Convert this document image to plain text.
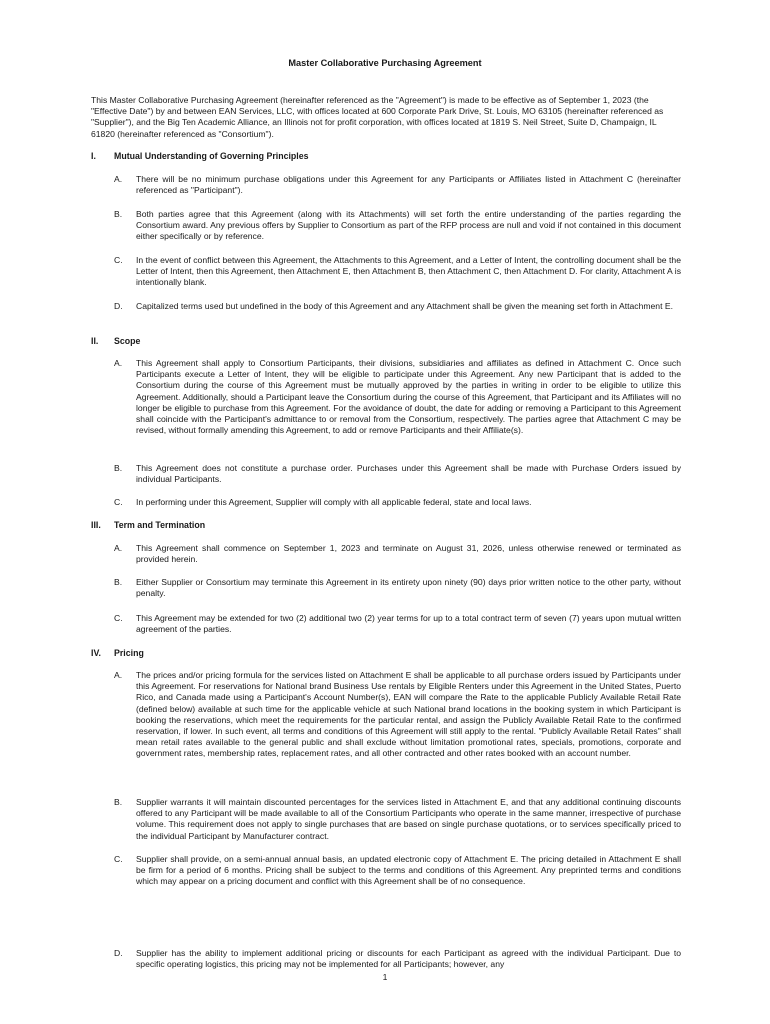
Master Collaborative Purchasing Agreement
This Master Collaborative Purchasing Agreement (hereinafter referenced as the "Agreement") is made to be effective as of September 1, 2023 (the "Effective Date") by and between EAN Services, LLC, with offices located at 600 Corporate Park Drive, St. Louis, MO 63105 (hereinafter referenced as "Supplier"), and the Big Ten Academic Alliance, an Illinois not for profit corporation, with offices located at 1819 S. Neil Street, Suite D, Champaign, IL 61820 (hereinafter referenced as "Consortium").
I. Mutual Understanding of Governing Principles
A. There will be no minimum purchase obligations under this Agreement for any Participants or Affiliates listed in Attachment C (hereinafter referenced as "Participant").
B. Both parties agree that this Agreement (along with its Attachments) will set forth the entire understanding of the parties regarding the Consortium award. Any previous offers by Supplier to Consortium as part of the RFP process are null and void if not contained in this document either specifically or by reference.
C. In the event of conflict between this Agreement, the Attachments to this Agreement, and a Letter of Intent, the controlling document shall be the Letter of Intent, then this Agreement, then Attachment E, then Attachment B, then Attachment C, then Attachment D. For clarity, Attachment A is intentionally blank.
D. Capitalized terms used but undefined in the body of this Agreement and any Attachment shall be given the meaning set forth in Attachment E.
II. Scope
A. This Agreement shall apply to Consortium Participants, their divisions, subsidiaries and affiliates as defined in Attachment C. Once such Participants execute a Letter of Intent, they will be eligible to participate under this Agreement. Any new Participant that is added to the Consortium during the course of this Agreement must be mutually approved by the parties in writing in order to be eligible to utilize this Agreement. Additionally, should a Participant leave the Consortium during the course of this Agreement, that Participant and its Affiliates will no longer be eligible to purchase from this Agreement. For the avoidance of doubt, the date for adding or removing a Participant to this Agreement shall coincide with the Participant's admittance to or removal from the Consortium, respectively. The parties agree that Attachment C may be revised, without formally amending this Agreement, to add or remove Participants and their Affiliate(s).
B. This Agreement does not constitute a purchase order. Purchases under this Agreement shall be made with Purchase Orders issued by individual Participants.
C. In performing under this Agreement, Supplier will comply with all applicable federal, state and local laws.
III. Term and Termination
A. This Agreement shall commence on September 1, 2023 and terminate on August 31, 2026, unless otherwise renewed or terminated as provided herein.
B. Either Supplier or Consortium may terminate this Agreement in its entirety upon ninety (90) days prior written notice to the other party, without penalty.
C. This Agreement may be extended for two (2) additional two (2) year terms for up to a total contract term of seven (7) years upon mutual written agreement of the parties.
IV. Pricing
A. The prices and/or pricing formula for the services listed on Attachment E shall be applicable to all purchase orders issued by Participants under this Agreement. For reservations for National brand Business Use rentals by Eligible Renters under this Agreement in the United States, Puerto Rico, and Canada made using a Participant's Account Number(s), EAN will compare the Rate to the applicable Publicly Available Retail Rate (defined below) available at such time for the applicable vehicle at such National brand locations in the booking system in which Participant is booking the reservations, which meet the requirements for the particular rental, and assign the Publicly Available Retail Rate to the confirmed reservation, if lower. In such event, all terms and conditions of this Agreement will still apply to the rental. "Publicly Available Retail Rates" shall mean retail rates available to the general public and shall exclude without limitation promotional rates, specials, promotions, corporate and government rates, membership rates, replacement rates, and all other contracted and other rates booked with an account number.
B. Supplier warrants it will maintain discounted percentages for the services listed in Attachment E, and that any additional continuing discounts offered to any Participant will be made available to all of the Consortium Participants who operate in the same manner, irrespective of purchase volume. This requirement does not apply to single purchases that are based on single purchase quotations, or to services specifically priced to the individual Participant by Manufacturer contract.
C. Supplier shall provide, on a semi-annual annual basis, an updated electronic copy of Attachment E. The pricing detailed in Attachment E shall be firm for a period of 6 months. Pricing shall be subject to the terms and conditions of this Agreement. Any preprinted terms and conditions which may appear on a pricing document and conflict with this Agreement shall be of no consequence.
D. Supplier has the ability to implement additional pricing or discounts for each Participant as agreed with the individual Participant. Due to specific operating logistics, this pricing may not be implemented for all Participants; however, any
1
